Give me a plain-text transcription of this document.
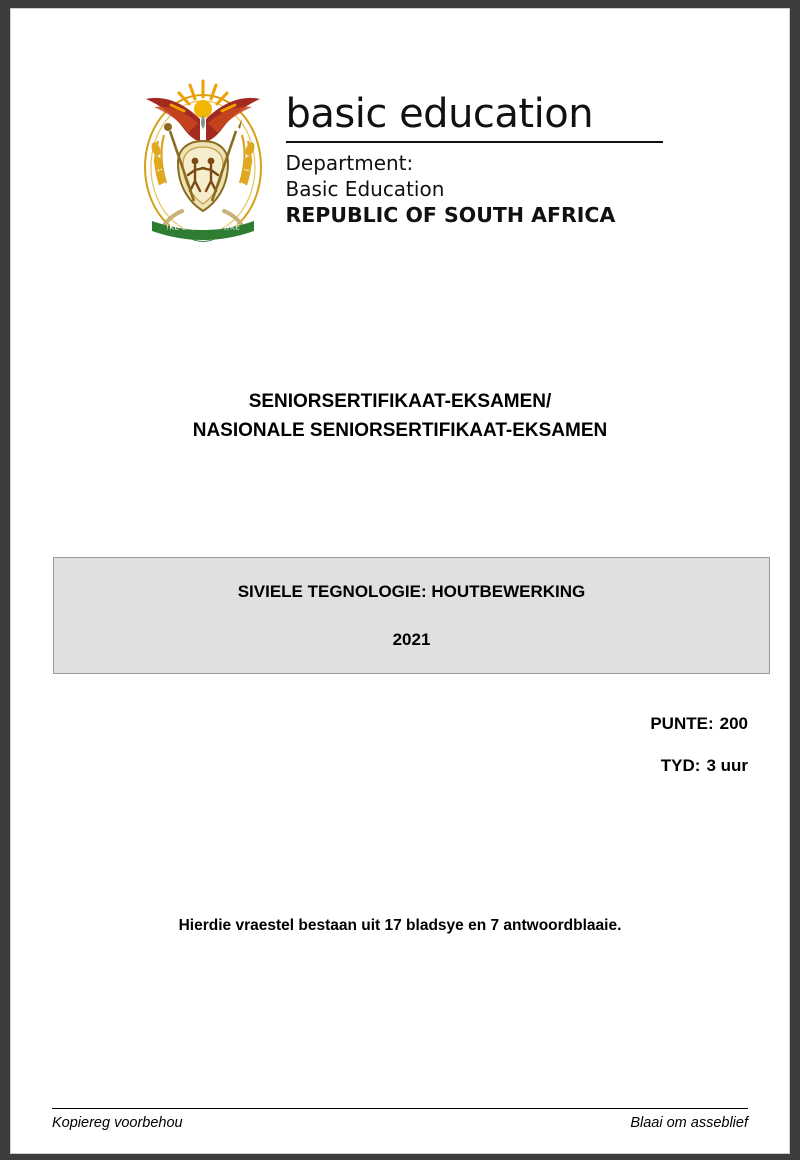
!KE E: /XARRA //KE
basic education
Department:
Basic Education
REPUBLIC OF SOUTH AFRICA
SENIORSERTIFIKAAT-EKSAMEN/
NASIONALE SENIORSERTIFIKAAT-EKSAMEN
SIVIELE TEGNOLOGIE: HOUTBEWERKING
2021
PUNTE: 200
TYD: 3 uur
Hierdie vraestel bestaan uit 17 bladsye en 7 antwoordblaaie.
Kopiereg voorbehou	Blaai om asseblief
